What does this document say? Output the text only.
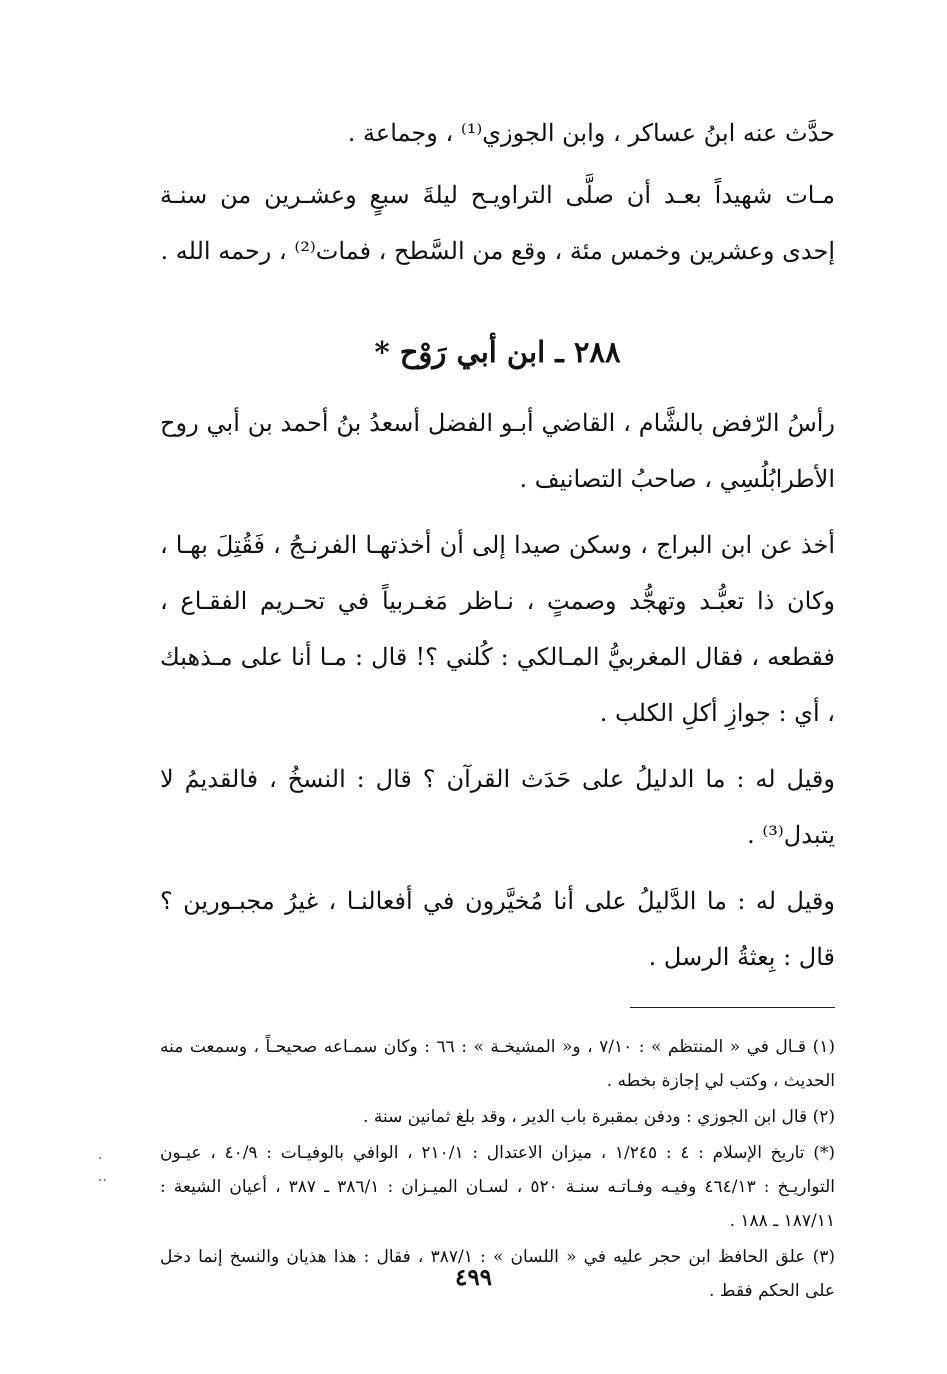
حدَّث عنه ابنُ عساكر ، وابن الجوزي⁽¹⁾ ، وجماعة .

مـات شهيداً بعـد أن صلَّى التراويـح ليلةَ سبعٍ وعشـرين من سنـة إحدى وعشرين وخمس مئة ، وقع من السَّطح ، فمات⁽²⁾ ، رحمه الله .

٢٨٨ ـ ابن أبي رَوْح *

رأسُ الرّفض بالشَّام ، القاضي أبـو الفضل أسعدُ بنُ أحمد بن أبي روح الأطرابُلُسِي ، صاحبُ التصانيف .

أخذ عن ابن البراج ، وسكن صيدا إلى أن أخذتهـا الفرنـجُ ، فَقُتِلَ بهـا ، وكان ذا تعبُّـد وتهجُّد وصمتٍ ، نـاظر مَغـربياً في تحـريم الفقـاع ، فقطعه ، فقال المغربيُّ المـالكي : كُلني ؟! قال : مـا أنا على مـذهبك ، أي : جوازِ أكلِ الكلب .

وقيل له : ما الدليلُ على حَدَث القرآن ؟ قال : النسخُ ، فالقديمُ لا يتبدل⁽³⁾ .

وقيل له : ما الدَّليلُ على أنا مُخيَّرون في أفعالنـا ، غيرُ مجبـورين ؟ قال : بِعثةُ الرسل .

(١) قـال في « المنتظم » : ٧/١٠ ، و« المشيخـة » : ٦٦ : وكان سمـاعه صحيحـاً ، وسمعت منه الحديث ، وكتب لي إجازة بخطه .

(٢) قال ابن الجوزي : ودفن بمقبرة باب الدير ، وقد بلغ ثمانين سنة .

(*) تاريخ الإسلام : ٤ : ١/٢٤٥ ، ميزان الاعتدال : ٢١٠/١ ، الوافي بالوفيـات : ٤٠/٩ ، عيـون التواريـخ : ٤٦٤/١٣ وفيـه وفـاتـه سنـة ٥٢٠ ، لسـان الميـزان : ٣٨٦/١ ـ ٣٨٧ ، أعيان الشيعة : ١٨٧/١١ ـ ١٨٨ .

(٣) علق الحافظ ابن حجر عليه في « اللسان » : ٣٨٧/١ ، فقال : هذا هذيان والنسخ إنما دخل على الحكم فقط .

·
··
٤٩٩
